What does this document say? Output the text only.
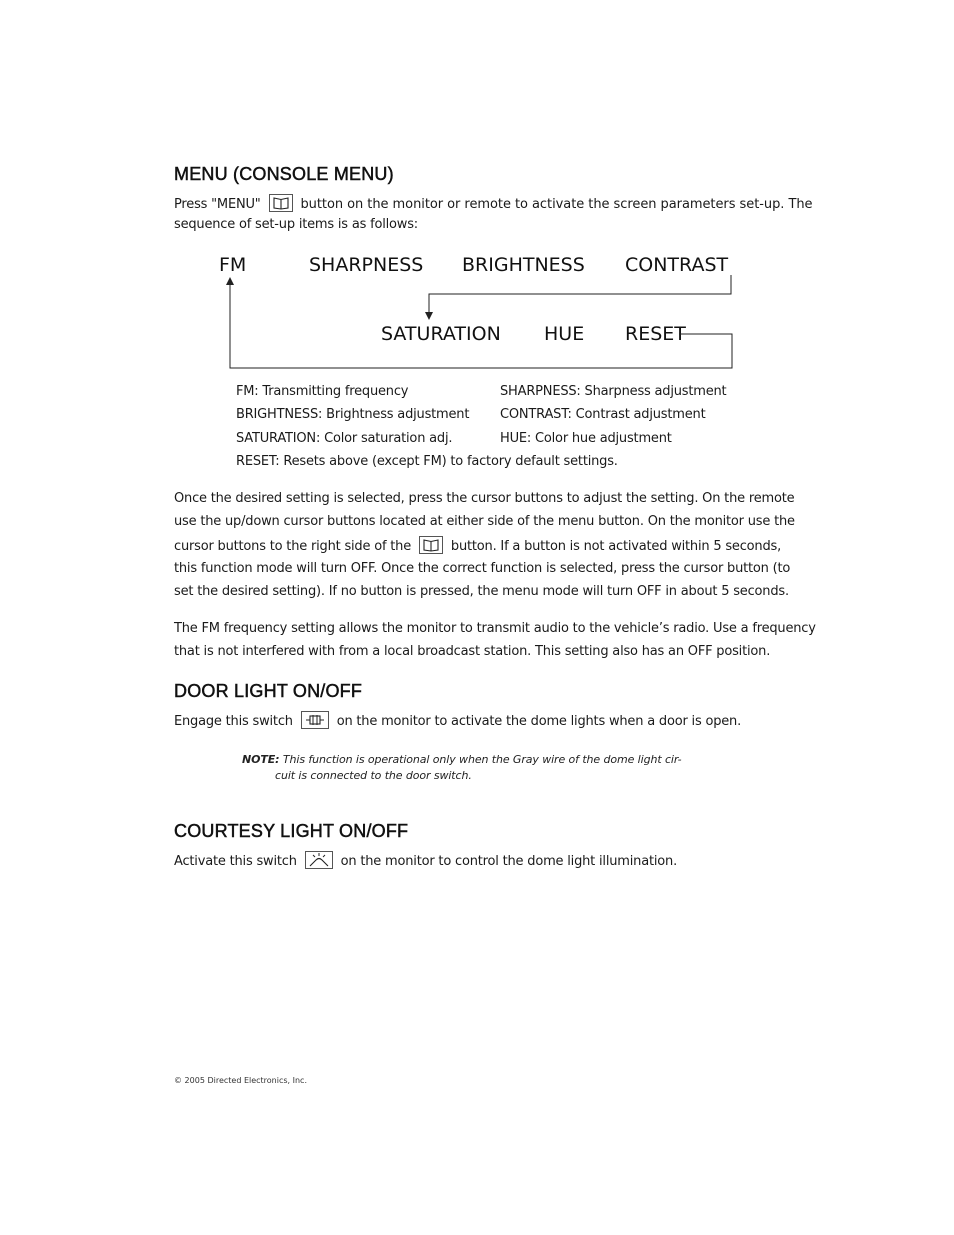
MENU (CONSOLE MENU)
Press "MENU"	button on the monitor or remote to activate the screen parameters set-up. The
sequence of set-up items is as follows:
FM	SHARPNESS BRIGHTNESS CONTRAST
SATURATION HUE RESET
FM: Transmitting frequency	SHARPNESS: Sharpness adjustment
BRIGHTNESS: Brightness adjustment CONTRAST: Contrast adjustment
SATURATION: Color saturation adj.	HUE: Color hue adjustment
RESET: Resets above (except FM) to factory default settings.
Once the desired setting is selected, press the cursor buttons to adjust the setting. On the remote
use the up/down cursor buttons located at either side of the menu button. On the monitor use the
cursor buttons to the right side of the	button. If a button is not activated within 5 seconds,
this function mode will turn OFF. Once the correct function is selected, press the cursor button (to
set the desired setting). If no button is pressed, the menu mode will turn OFF in about 5 seconds.
The FM frequency setting allows the monitor to transmit audio to the vehicle’s radio. Use a frequency
that is not interfered with from a local broadcast station. This setting also has an OFF position.
DOOR LIGHT ON/OFF
Engage this switch	on the monitor to activate the dome lights when a door is open.
NOTE: This function is operational only when the Gray wire of the dome light cir-
cuit is connected to the door switch.
COURTESY LIGHT ON/OFF
Activate this switch	on the monitor to control the dome light illumination.
© 2005 Directed Electronics, Inc.
